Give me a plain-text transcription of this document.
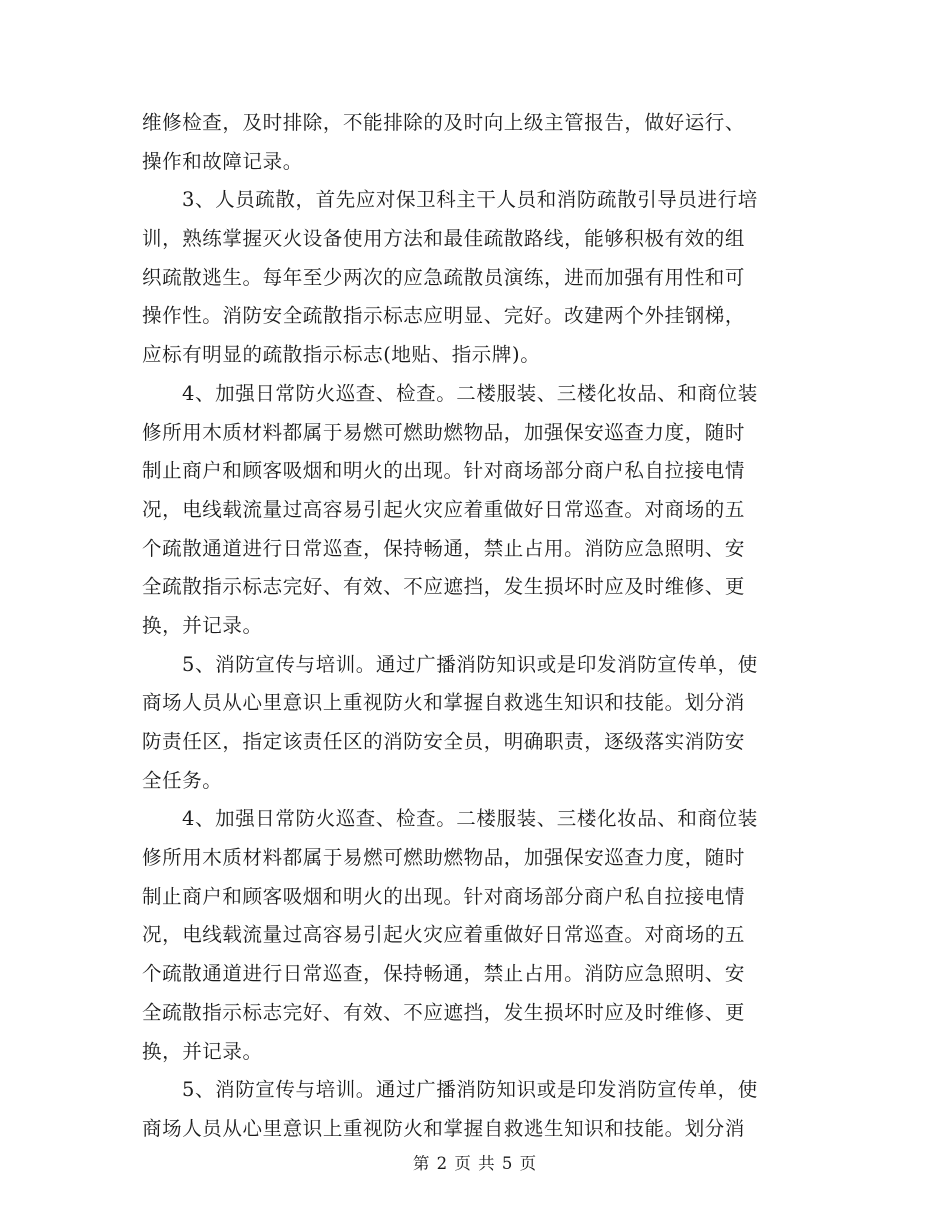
维修检查，及时排除，不能排除的及时向上级主管报告，做好运行、
操作和故障记录。
3、人员疏散，首先应对保卫科主干人员和消防疏散引导员进行培
训，熟练掌握灭火设备使用方法和最佳疏散路线，能够积极有效的组
织疏散逃生。每年至少两次的应急疏散员演练，进而加强有用性和可
操作性。消防安全疏散指示标志应明显、完好。改建两个外挂钢梯，
应标有明显的疏散指示标志(地贴、指示牌)。
4、加强日常防火巡查、检查。二楼服装、三楼化妆品、和商位装
修所用木质材料都属于易燃可燃助燃物品，加强保安巡查力度，随时
制止商户和顾客吸烟和明火的出现。针对商场部分商户私自拉接电情
况，电线载流量过高容易引起火灾应着重做好日常巡查。对商场的五
个疏散通道进行日常巡查，保持畅通，禁止占用。消防应急照明、安
全疏散指示标志完好、有效、不应遮挡，发生损坏时应及时维修、更
换，并记录。
5、消防宣传与培训。通过广播消防知识或是印发消防宣传单，使
商场人员从心里意识上重视防火和掌握自救逃生知识和技能。划分消
防责任区，指定该责任区的消防安全员，明确职责，逐级落实消防安
全任务。
4、加强日常防火巡查、检查。二楼服装、三楼化妆品、和商位装
修所用木质材料都属于易燃可燃助燃物品，加强保安巡查力度，随时
制止商户和顾客吸烟和明火的出现。针对商场部分商户私自拉接电情
况，电线载流量过高容易引起火灾应着重做好日常巡查。对商场的五
个疏散通道进行日常巡查，保持畅通，禁止占用。消防应急照明、安
全疏散指示标志完好、有效、不应遮挡，发生损坏时应及时维修、更
换，并记录。
5、消防宣传与培训。通过广播消防知识或是印发消防宣传单，使
商场人员从心里意识上重视防火和掌握自救逃生知识和技能。划分消
第 2 页 共 5 页
